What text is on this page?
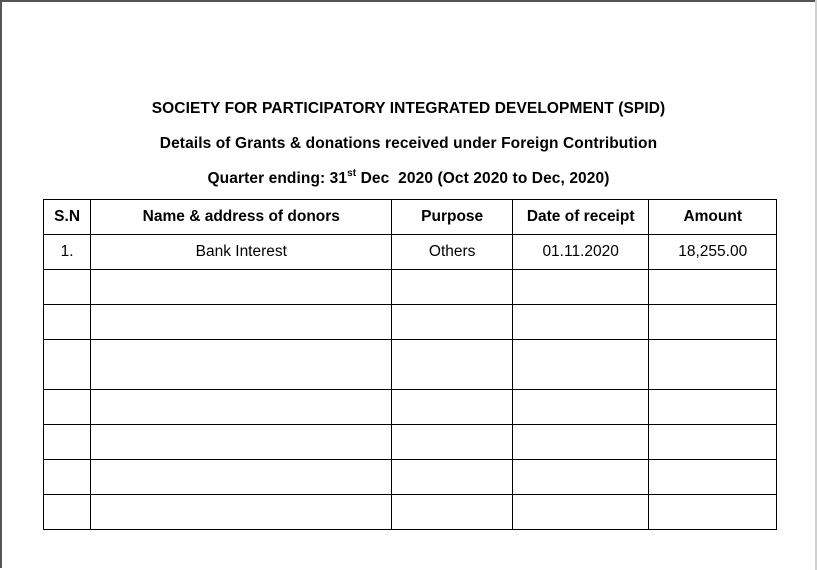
SOCIETY FOR PARTICIPATORY INTEGRATED DEVELOPMENT (SPID)
Details of Grants & donations received under Foreign Contribution
Quarter ending: 31st Dec  2020 (Oct 2020 to Dec, 2020)
S.N	Name & address of donors	Purpose	Date of receipt	Amount
1.	Bank Interest	Others	01.11.2020	18,255.00
